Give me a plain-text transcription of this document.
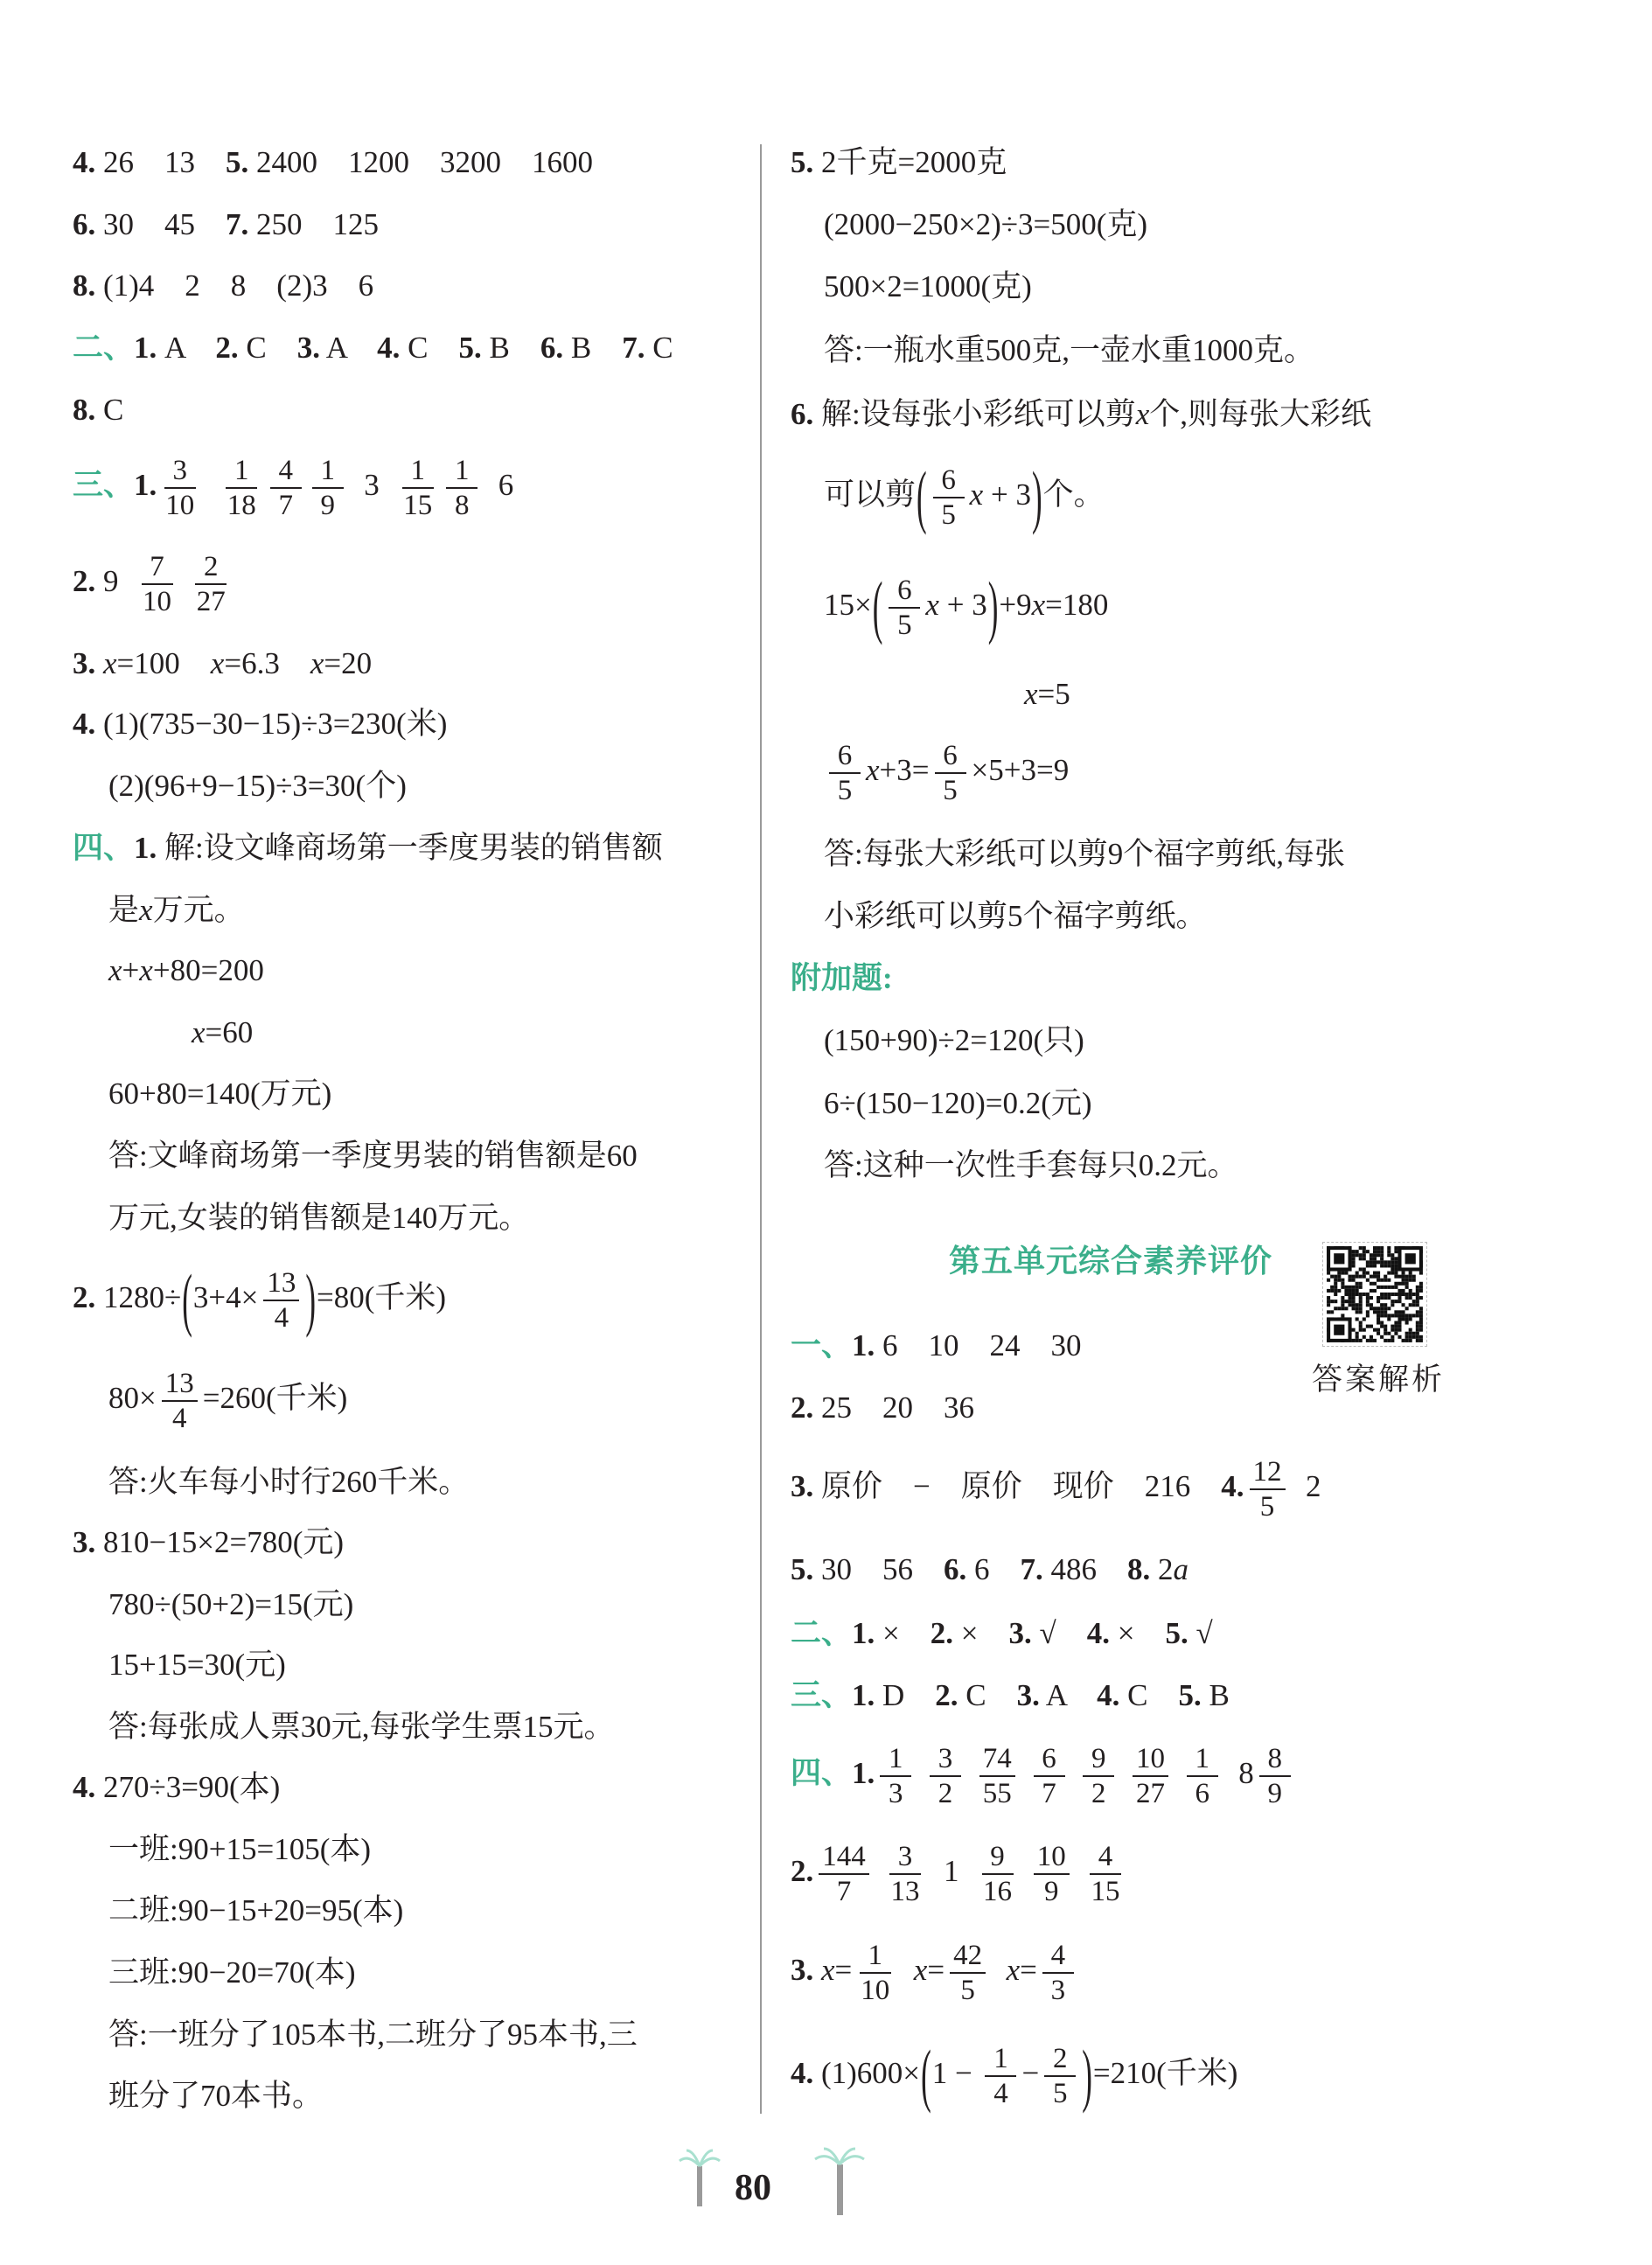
4. 26    13    5. 2400    1200    3200    1600
6. 30    45    7. 250    125
8. (1)4    2    8    (2)3    6
二、1. A    2. C    3. A    4. C    5. B    6. B    7. C
8. C
三、1. $\frac{3}{10}$
$\frac{1}{18} \frac{4}{7} \frac{1}{9} 3 \frac{1}{15} \frac{1}{8} 6$
2. $9 \frac{7}{10}$
$\frac{2}{27}$
3. x=100    x=6.3    x=20
4. (1)(735−30−15)÷3=230(米)
(2)(96+9−15)÷3=30(个)
四、1. 解:设文峰商场第一季度男装的销售额
是x万元。
x+x+80=200
x=60
60+80=140(万元)
答:文峰商场第一季度男装的销售额是60
万元,女装的销售额是140万元。
2. $1280\div(3+4\times \frac{13}{4} )=80$(千米)
$80\times \frac{13}{4} =260$(千米)
答:火车每小时行260千米。
3. 810−15×2=780(元)
780÷(50+2)=15(元)
15+15=30(元)
答:每张成人票30元,每张学生票15元。
4. 270÷3=90(本)
一班:90+15=105(本)
二班:90−15+20=95(本)
三班:90−20=70(本)
答:一班分了105本书,二班分了95本书,三
班分了70本书。
5. 2千克=2000克
(2000−250×2)÷3=500(克)
500×2=1000(克)
答:一瓶水重500克,一壶水重1000克。
6. 解:设每张小彩纸可以剪x个,则每张大彩纸
可以剪( $\frac{6}{5}$ x + 3)个。
$15\times( \frac{6}{5}$ x + 3)+9x=180
x=5
$\frac{6}{5} x+3= \frac{6}{5} \times 5+3=9$
答:每张大彩纸可以剪9个福字剪纸,每张
小彩纸可以剪5个福字剪纸。
附加题:
(150+90)÷2=120(只)
6÷(150−120)=0.2(元)
答:这种一次性手套每只0.2元。
第五单元综合素养评价
答案解析
一、1. 6    10    24    30
2. 25    20    36
3. 原价    −    原价    现价    216    4. $\frac{12}{5} 2$
5. 30    56    6. 6    7. 486    8. 2a
二、1. ×    2. ×    3. √    4. ×    5. √
三、1. D    2. C    3. A    4. C    5. B
四、1. $\frac{1}{3}$
$\frac{3}{2}$
$\frac{74}{55}$
$\frac{6}{7}$
$\frac{9}{2}$
$\frac{10}{27}$
$\frac{1}{6} 8 \frac{8}{9}$
2. $\frac{144}{7}$
$\frac{3}{13} 1 \frac{9}{16}$
$\frac{10}{9}$
$\frac{4}{15}$
3. $x= \frac{1}{10} x= \frac{42}{5} x= \frac{4}{3}$
4. $(1)600\times(1 - \frac{1}{4} - \frac{2}{5} )=210$(千米)
80
